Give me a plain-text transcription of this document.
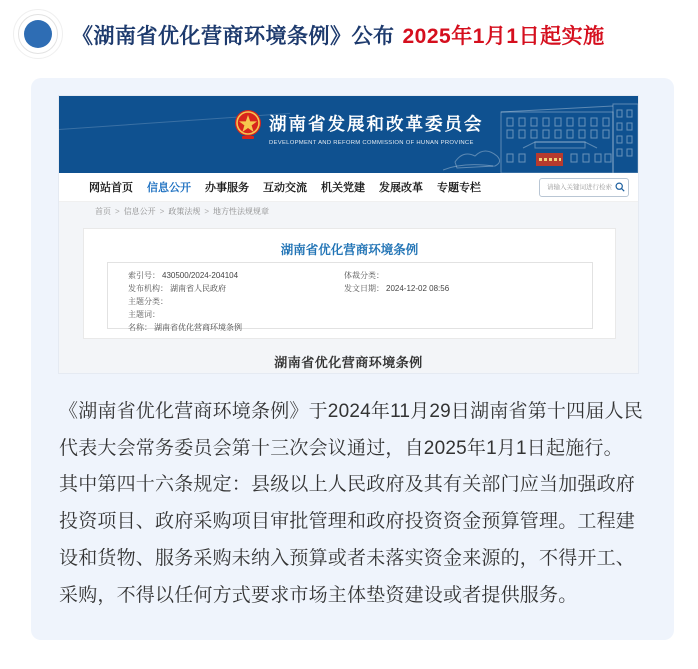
《湖南省优化营商环境条例》公布 2025年1月1日起实施
湖南省发展和改革委员会
DEVELOPMENT AND REFORM COMMISSION OF HUNAN PROVINCE
网站首页 信息公开 办事服务 互动交流 机关党建 发展改革 专题专栏
请输入关键词进行检索
首页 > 信息公开 > 政策法规 > 地方性法规规章
湖南省优化营商环境条例
索引号： 430500/2024-204104
发布机构： 湖南省人民政府
主题分类：
主题词：
名称： 湖南省优化营商环境条例
体裁分类：
发文日期： 2024-12-02 08:56
湖南省优化营商环境条例

《湖南省优化营商环境条例》于2024年11月29日湖南省第十四届人民代表大会常务委员会第十三次会议通过，自2025年1月1日起施行。

其中第四十六条规定：县级以上人民政府及其有关部门应当加强政府投资项目、政府采购项目审批管理和政府投资资金预算管理。工程建设和货物、服务采购未纳入预算或者未落实资金来源的，不得开工、采购，不得以任何方式要求市场主体垫资建设或者提供服务。
